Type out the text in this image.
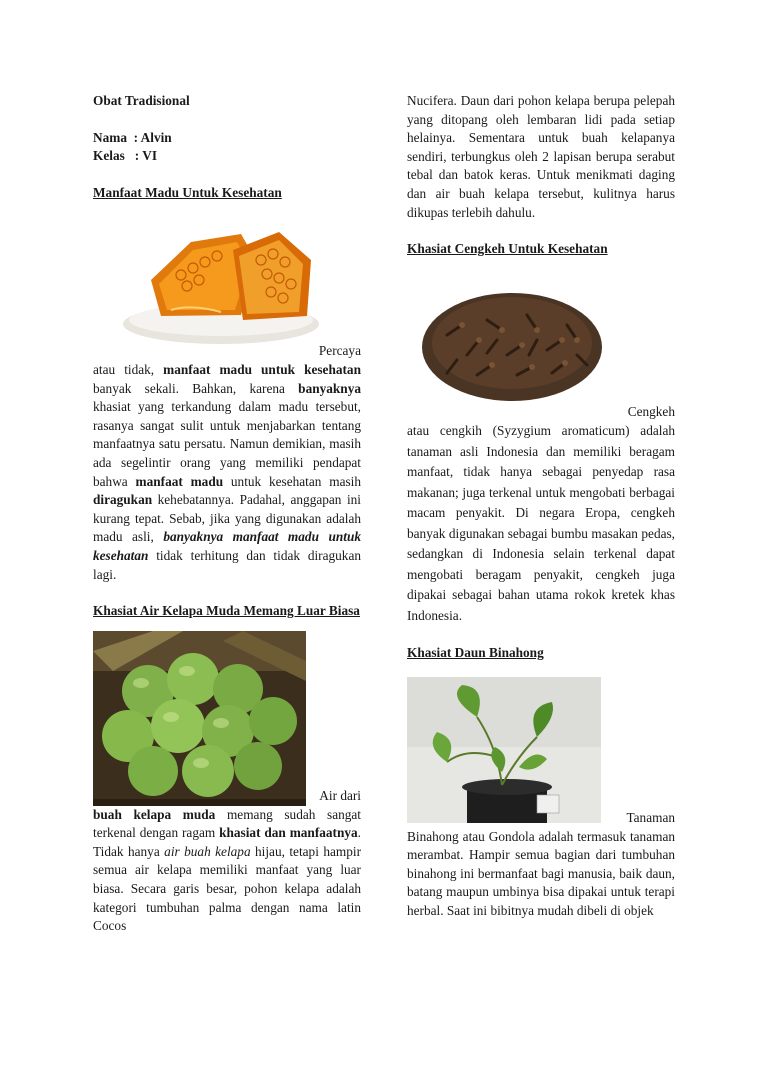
Obat Tradisional
Nama  : Alvin
Kelas   : VI
Manfaat Madu Untuk Kesehatan

Percaya

atau tidak, manfaat madu untuk kesehatan banyak sekali. Bahkan, karena banyaknya khasiat yang terkandung dalam madu tersebut, rasanya sangat sulit untuk menjabarkan tentang manfaatnya satu persatu. Namun demikian, masih ada segelintir orang yang memiliki pendapat bahwa manfaat madu untuk kesehatan masih diragukan kehebatannya. Padahal, anggapan ini kurang tepat. Sebab, jika yang digunakan adalah madu asli, banyaknya manfaat madu untuk kesehatan tidak terhitung dan tidak diragukan lagi.

Khasiat Air Kelapa Muda Memang Luar Biasa

Air dari

buah kelapa muda memang sudah sangat terkenal dengan ragam khasiat dan manfaatnya. Tidak hanya air buah kelapa hijau, tetapi hampir semua air kelapa memiliki manfaat yang luar biasa. Secara garis besar, pohon kelapa adalah kategori tumbuhan palma dengan nama latin Cocos

Nucifera. Daun dari pohon kelapa berupa pelepah yang ditopang oleh lembaran lidi pada setiap helainya. Sementara untuk buah kelapanya sendiri, terbungkus oleh 2 lapisan berupa serabut tebal dan batok keras. Untuk menikmati daging dan air buah kelapa tersebut, kulitnya harus dikupas terlebih dahulu.

Khasiat Cengkeh Untuk Kesehatan

Cengkeh

atau cengkih (Syzygium aromaticum) adalah tanaman asli Indonesia dan memiliki beragam manfaat, tidak hanya sebagai penyedap rasa makanan; juga terkenal untuk mengobati berbagai macam penyakit. Di negara Eropa, cengkeh banyak digunakan sebagai bumbu masakan pedas, sedangkan di Indonesia selain terkenal dapat mengobati beragam penyakit, cengkeh juga dipakai sebagai bahan utama rokok kretek khas Indonesia.

Khasiat Daun Binahong

Tanaman

Binahong atau Gondola adalah termasuk tanaman merambat. Hampir semua bagian dari tumbuhan binahong ini bermanfaat bagi manusia, baik daun, batang maupun umbinya bisa dipakai untuk terapi herbal. Saat ini bibitnya mudah dibeli di objek
